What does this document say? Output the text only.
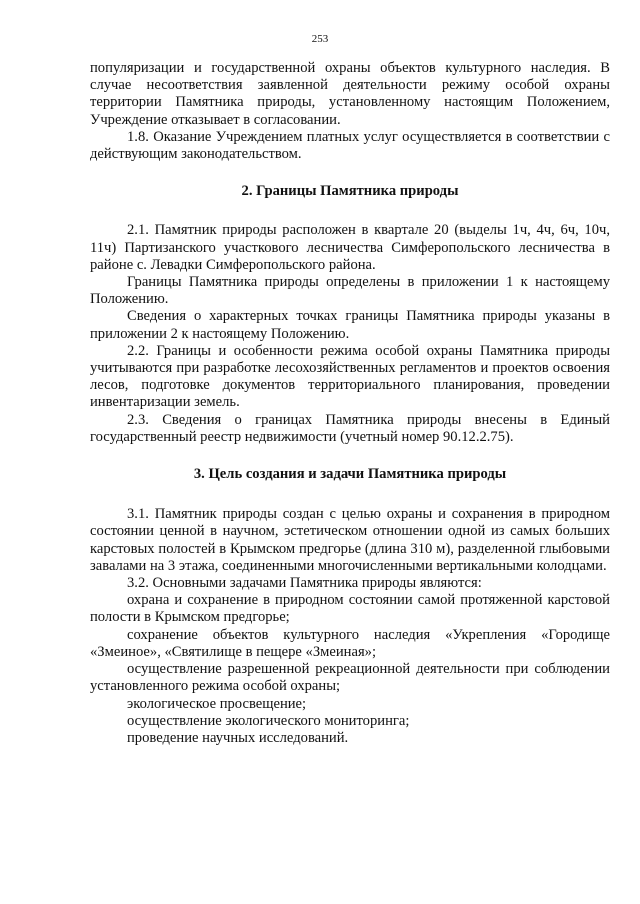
253

популяризации и государственной охраны объектов культурного наследия. В случае несоответствия заявленной деятельности режиму особой охраны территории Памятника природы, установленному настоящим Положением, Учреждение отказывает в согласовании.

1.8. Оказание Учреждением платных услуг осуществляется в соответствии с действующим законодательством.

2. Границы Памятника природы

2.1. Памятник природы расположен в квартале 20 (выделы 1ч, 4ч, 6ч, 10ч, 11ч) Партизанского участкового лесничества Симферопольского лесничества в районе с. Левадки Симферопольского района.

Границы Памятника природы определены в приложении 1 к настоящему Положению.

Сведения о характерных точках границы Памятника природы указаны в приложении 2 к настоящему Положению.

2.2. Границы и особенности режима особой охраны Памятника природы учитываются при разработке лесохозяйственных регламентов и проектов освоения лесов, подготовке документов территориального планирования, проведении инвентаризации земель.

2.3. Сведения о границах Памятника природы внесены в Единый государственный реестр недвижимости (учетный номер 90.12.2.75).

3. Цель создания и задачи Памятника природы

3.1. Памятник природы создан с целью охраны и сохранения в природном состоянии ценной в научном, эстетическом отношении одной из самых больших карстовых полостей в Крымском предгорье (длина 310 м), разделенной глыбовыми завалами на 3 этажа, соединенными многочисленными вертикальными колодцами.

3.2. Основными задачами Памятника природы являются:

охрана и сохранение в природном состоянии самой протяженной карстовой полости в Крымском предгорье;

сохранение объектов культурного наследия «Укрепления «Городище «Змеиное», «Святилище в пещере «Змеиная»;

осуществление разрешенной рекреационной деятельности при соблюдении установленного режима особой охраны;

экологическое просвещение;

осуществление экологического мониторинга;

проведение научных исследований.
